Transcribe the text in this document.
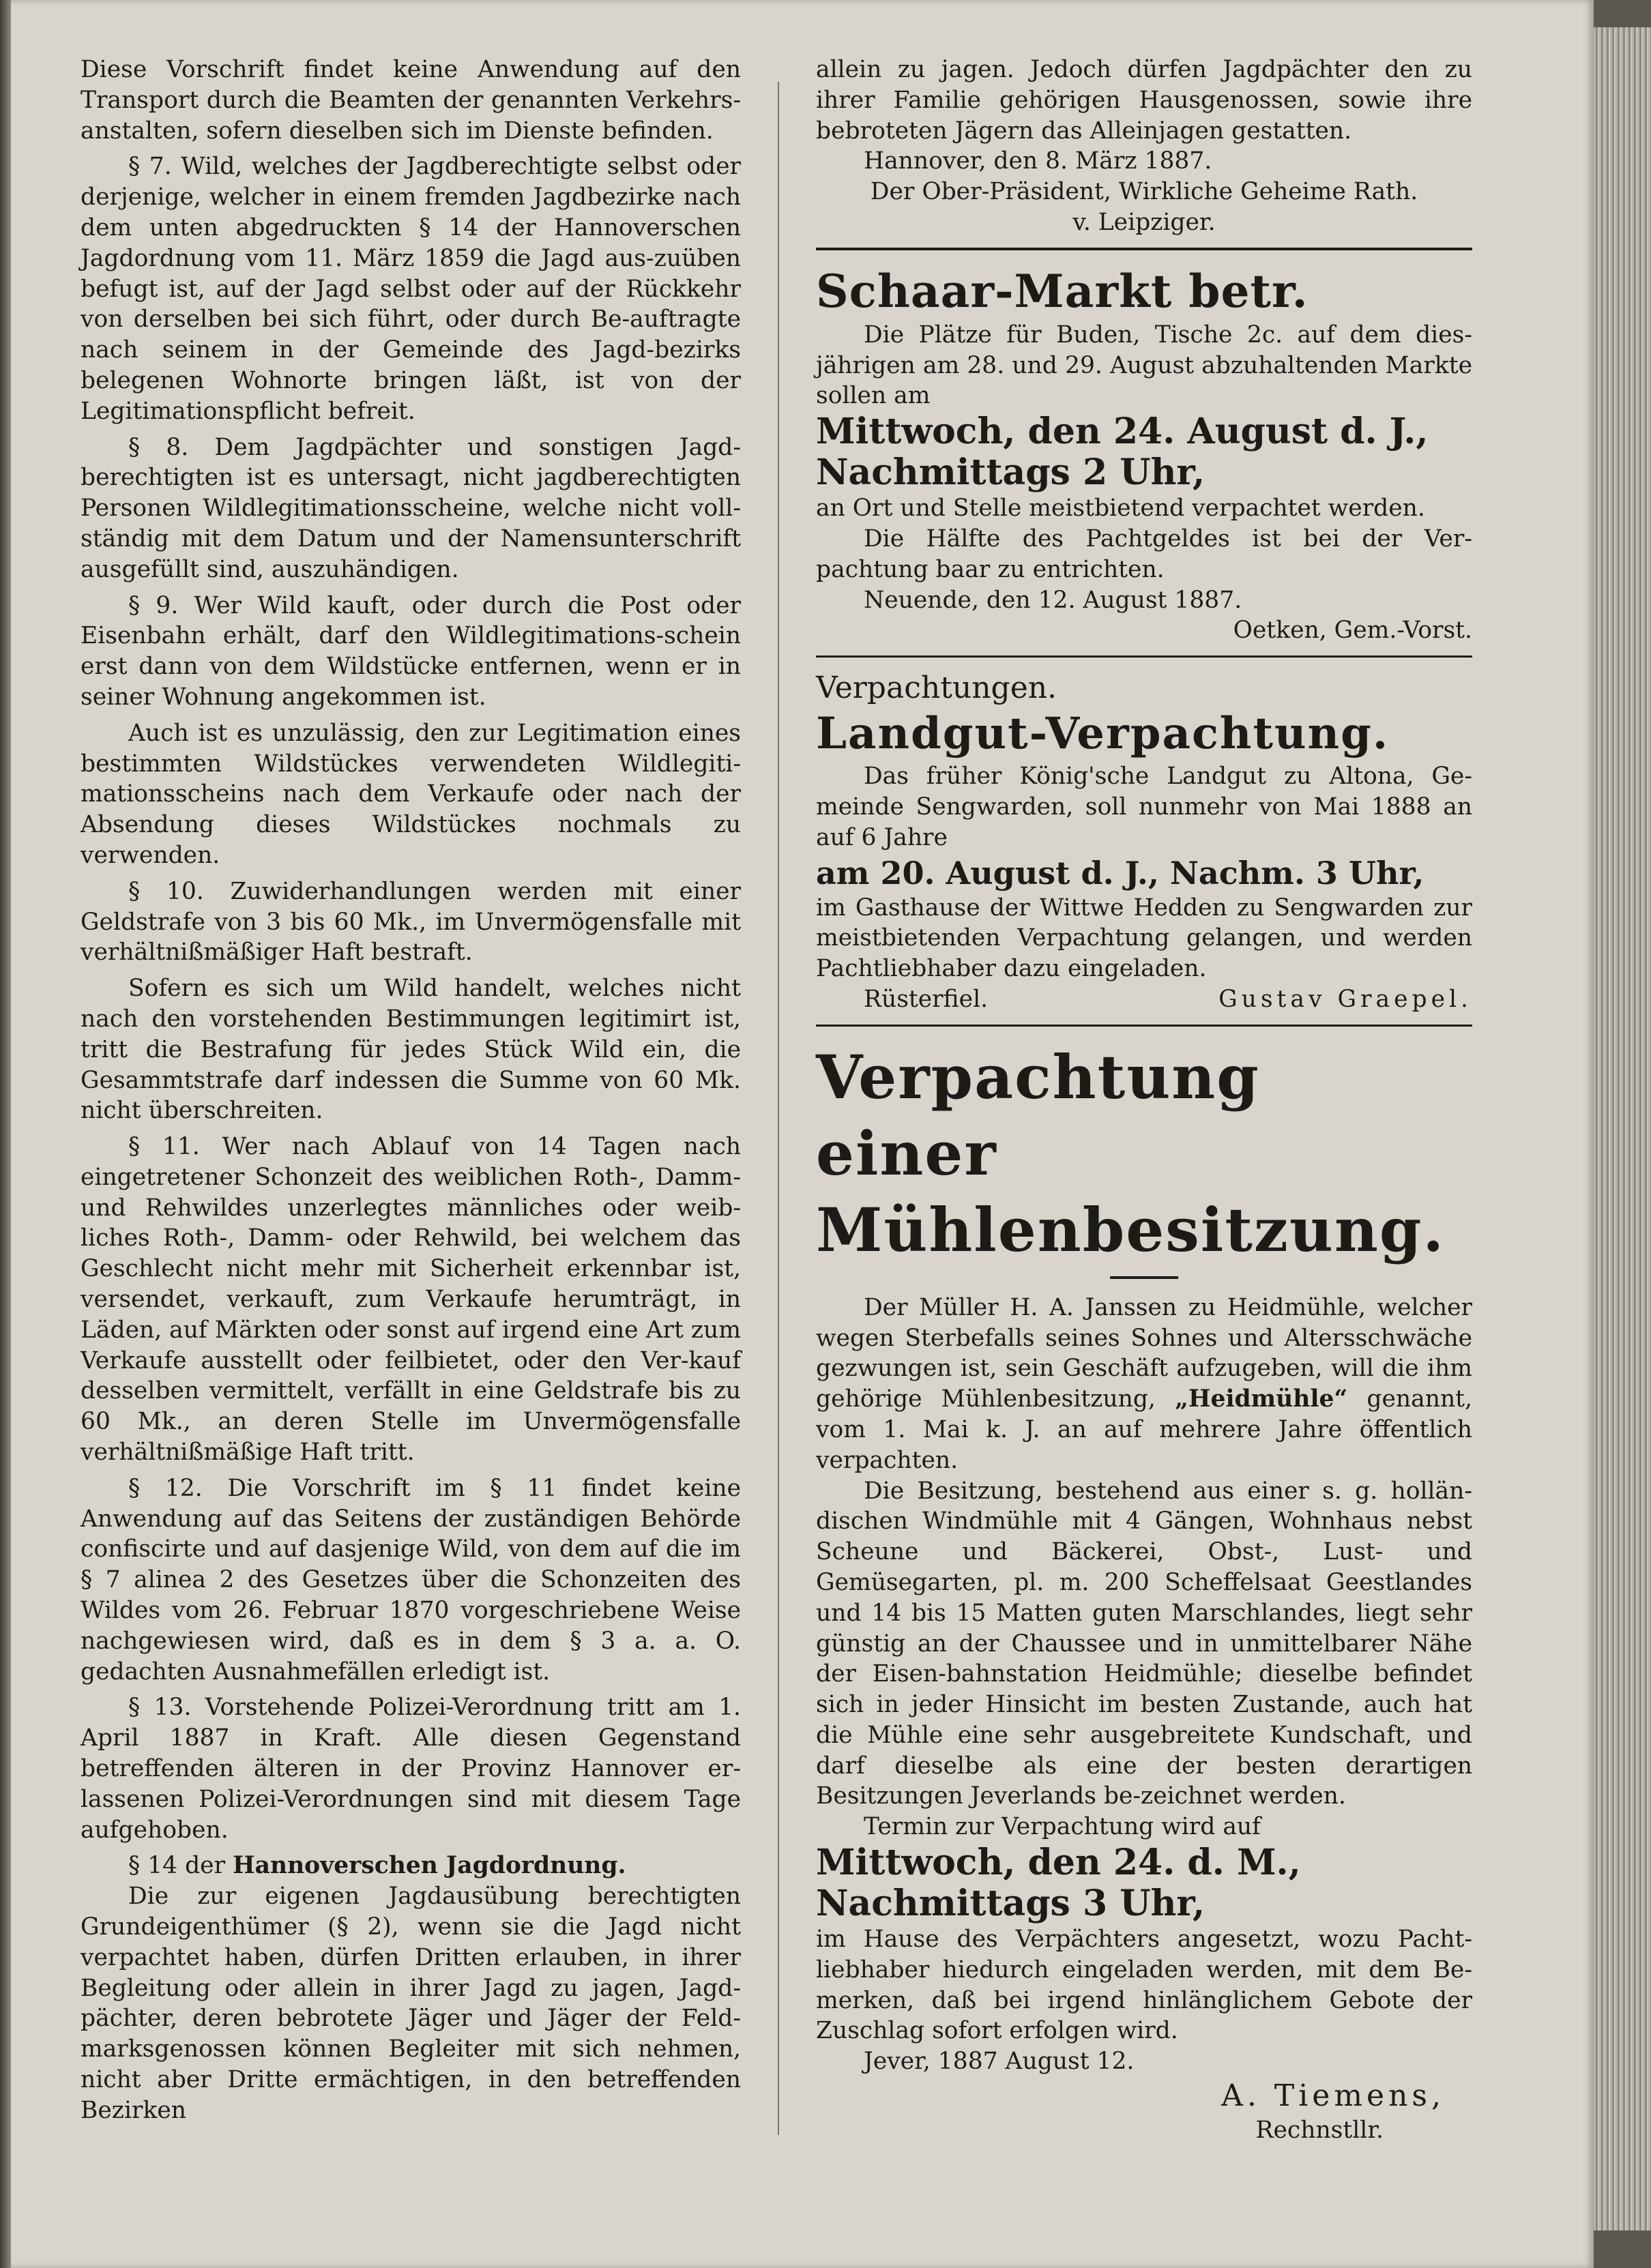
Diese Vorschrift findet keine Anwendung auf den Transport durch die Beamten der genannten Verkehrs-anstalten, sofern dieselben sich im Dienste befinden.

§ 7. Wild, welches der Jagdberechtigte selbst oder derjenige, welcher in einem fremden Jagdbezirke nach dem unten abgedruckten § 14 der Hannoverschen Jagdordnung vom 11. März 1859 die Jagd aus-zuüben befugt ist, auf der Jagd selbst oder auf der Rückkehr von derselben bei sich führt, oder durch Be-auftragte nach seinem in der Gemeinde des Jagd-bezirks belegenen Wohnorte bringen läßt, ist von der Legitimationspflicht befreit.

§ 8. Dem Jagdpächter und sonstigen Jagd-berechtigten ist es untersagt, nicht jagdberechtigten Personen Wildlegitimationsscheine, welche nicht voll-ständig mit dem Datum und der Namensunterschrift ausgefüllt sind, auszuhändigen.

§ 9. Wer Wild kauft, oder durch die Post oder Eisenbahn erhält, darf den Wildlegitimations-schein erst dann von dem Wildstücke entfernen, wenn er in seiner Wohnung angekommen ist.

Auch ist es unzulässig, den zur Legitimation eines bestimmten Wildstückes verwendeten Wildlegiti-mationsscheins nach dem Verkaufe oder nach der Absendung dieses Wildstückes nochmals zu verwenden.

§ 10. Zuwiderhandlungen werden mit einer Geldstrafe von 3 bis 60 Mk., im Unvermögensfalle mit verhältnißmäßiger Haft bestraft.

Sofern es sich um Wild handelt, welches nicht nach den vorstehenden Bestimmungen legitimirt ist, tritt die Bestrafung für jedes Stück Wild ein, die Gesammtstrafe darf indessen die Summe von 60 Mk. nicht überschreiten.

§ 11. Wer nach Ablauf von 14 Tagen nach eingetretener Schonzeit des weiblichen Roth-, Damm-und Rehwildes unzerlegtes männliches oder weib-liches Roth-, Damm- oder Rehwild, bei welchem das Geschlecht nicht mehr mit Sicherheit erkennbar ist, versendet, verkauft, zum Verkaufe herumträgt, in Läden, auf Märkten oder sonst auf irgend eine Art zum Verkaufe ausstellt oder feilbietet, oder den Ver-kauf desselben vermittelt, verfällt in eine Geldstrafe bis zu 60 Mk., an deren Stelle im Unvermögensfalle verhältnißmäßige Haft tritt.

§ 12. Die Vorschrift im § 11 findet keine Anwendung auf das Seitens der zuständigen Behörde confiscirte und auf dasjenige Wild, von dem auf die im § 7 alinea 2 des Gesetzes über die Schonzeiten des Wildes vom 26. Februar 1870 vorgeschriebene Weise nachgewiesen wird, daß es in dem § 3 a. a. O. gedachten Ausnahmefällen erledigt ist.

§ 13. Vorstehende Polizei-Verordnung tritt am 1. April 1887 in Kraft. Alle diesen Gegenstand betreffenden älteren in der Provinz Hannover er-lassenen Polizei-Verordnungen sind mit diesem Tage aufgehoben.

§ 14 der Hannoverschen Jagdordnung.

Die zur eigenen Jagdausübung berechtigten Grundeigenthümer (§ 2), wenn sie die Jagd nicht verpachtet haben, dürfen Dritten erlauben, in ihrer Begleitung oder allein in ihrer Jagd zu jagen, Jagd-pächter, deren bebrotete Jäger und Jäger der Feld-marksgenossen können Begleiter mit sich nehmen, nicht aber Dritte ermächtigen, in den betreffenden Bezirken

allein zu jagen. Jedoch dürfen Jagdpächter den zu ihrer Familie gehörigen Hausgenossen, sowie ihre bebroteten Jägern das Alleinjagen gestatten.

Hannover, den 8. März 1887.

Der Ober-Präsident, Wirkliche Geheime Rath.

v. Leipziger.

Schaar-Markt betr.

Die Plätze für Buden, Tische 2c. auf dem dies-jährigen am 28. und 29. August abzuhaltenden Markte sollen am

Mittwoch, den 24. August d. J.,

Nachmittags 2 Uhr,

an Ort und Stelle meistbietend verpachtet werden.

Die Hälfte des Pachtgeldes ist bei der Ver-pachtung baar zu entrichten.

Neuende, den 12. August 1887.

Oetken, Gem.-Vorst.

Verpachtungen.

Landgut-Verpachtung.

Das früher König'sche Landgut zu Altona, Ge-meinde Sengwarden, soll nunmehr von Mai 1888 an auf 6 Jahre

am 20. August d. J., Nachm. 3 Uhr,

im Gasthause der Wittwe Hedden zu Sengwarden zur meistbietenden Verpachtung gelangen, und werden Pachtliebhaber dazu eingeladen.

Rüsterfiel.	Gustav Graepel.

Verpachtung

einer Mühlenbesitzung.

Der Müller H. A. Janssen zu Heidmühle, welcher wegen Sterbefalls seines Sohnes und Altersschwäche gezwungen ist, sein Geschäft aufzugeben, will die ihm gehörige Mühlenbesitzung, „Heidmühle“ genannt, vom 1. Mai k. J. an auf mehrere Jahre öffentlich verpachten.

Die Besitzung, bestehend aus einer s. g. hollän-dischen Windmühle mit 4 Gängen, Wohnhaus nebst Scheune und Bäckerei, Obst-, Lust- und Gemüsegarten, pl. m. 200 Scheffelsaat Geestlandes und 14 bis 15 Matten guten Marschlandes, liegt sehr günstig an der Chaussee und in unmittelbarer Nähe der Eisen-bahnstation Heidmühle; dieselbe befindet sich in jeder Hinsicht im besten Zustande, auch hat die Mühle eine sehr ausgebreitete Kundschaft, und darf dieselbe als eine der besten derartigen Besitzungen Jeverlands be-zeichnet werden.

Termin zur Verpachtung wird auf

Mittwoch, den 24. d. M.,

Nachmittags 3 Uhr,

im Hause des Verpächters angesetzt, wozu Pacht-liebhaber hiedurch eingeladen werden, mit dem Be-merken, daß bei irgend hinlänglichem Gebote der Zuschlag sofort erfolgen wird.

Jever, 1887 August 12.

A. Tiemens,

Rechnstllr.
